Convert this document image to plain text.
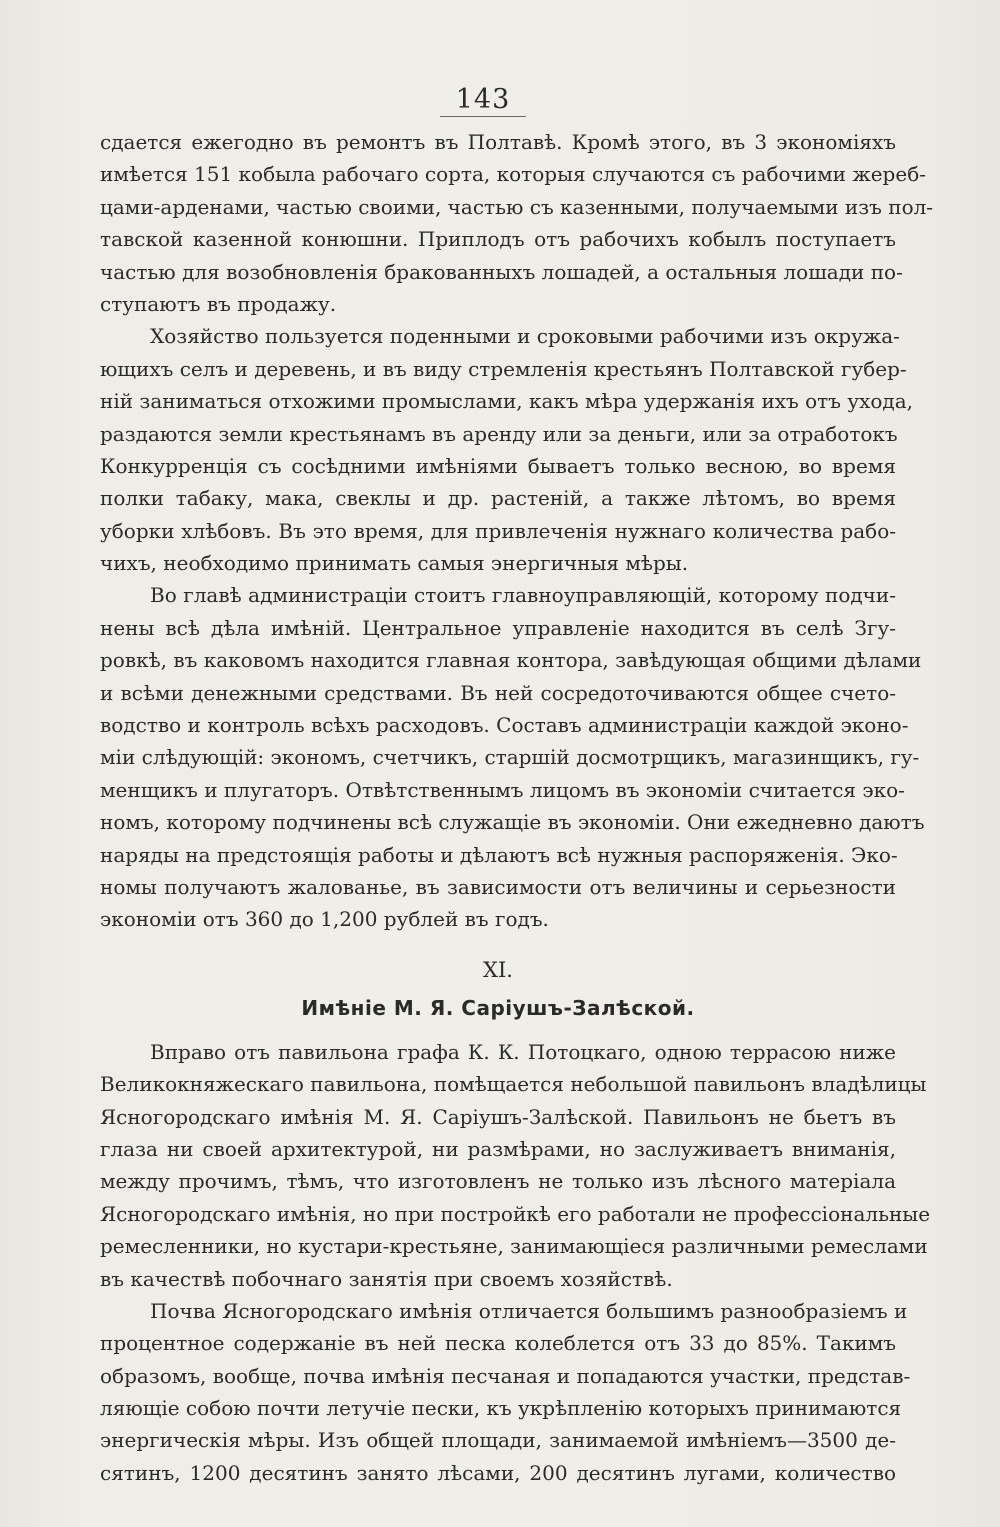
143
сдается ежегодно въ ремонтъ въ Полтавѣ. Кромѣ этого, въ 3 экономіяхъ
имѣется 151 кобыла рабочаго сорта, которыя случаются съ рабочими жереб-
цами-арденами, частью своими, частью съ казенными, получаемыми изъ пол-
тавской казенной конюшни. Приплодъ отъ рабочихъ кобылъ поступаетъ
частью для возобновленія бракованныхъ лошадей, а остальныя лошади по-
ступаютъ въ продажу.
Хозяйство пользуется поденными и сроковыми рабочими изъ окружа-
ющихъ селъ и деревень, и въ виду стремленія крестьянъ Полтавской губер-
ній заниматься отхожими промыслами, какъ мѣра удержанія ихъ отъ ухода,
раздаются земли крестьянамъ въ аренду или за деньги, или за отработокъ
Конкурренція съ сосѣдними имѣніями бываетъ только весною, во время
полки табаку, мака, свеклы и др. растеній, а также лѣтомъ, во время
уборки хлѣбовъ. Въ это время, для привлеченія нужнаго количества рабо-
чихъ, необходимо принимать самыя энергичныя мѣры.
Во главѣ администраціи стоитъ главноуправляющій, которому подчи-
нены всѣ дѣла имѣній. Центральное управленіе находится въ селѣ Згу-
ровкѣ, въ каковомъ находится главная контора, завѣдующая общими дѣлами
и всѣми денежными средствами. Въ ней сосредоточиваются общее счето-
водство и контроль всѣхъ расходовъ. Составъ администраціи каждой эконо-
міи слѣдующій: экономъ, счетчикъ, старшій досмотрщикъ, магазинщикъ, гу-
менщикъ и плугаторъ. Отвѣтственнымъ лицомъ въ экономіи считается эко-
номъ, которому подчинены всѣ служащіе въ экономіи. Они ежедневно даютъ
наряды на предстоящія работы и дѣлаютъ всѣ нужныя распоряженія. Эко-
номы получаютъ жалованье, въ зависимости отъ величины и серьезности
экономіи отъ 360 до 1,200 рублей въ годъ.
XI.
Имѣніе М. Я. Саріушъ-Залѣской.
Вправо отъ павильона графа К. К. Потоцкаго, одною террасою ниже
Великокняжескаго павильона, помѣщается небольшой павильонъ владѣлицы
Ясногородскаго имѣнія М. Я. Саріушъ-Залѣской. Павильонъ не бьетъ въ
глаза ни своей архитектурой, ни размѣрами, но заслуживаетъ вниманія,
между прочимъ, тѣмъ, что изготовленъ не только изъ лѣсного матеріала
Ясногородскаго имѣнія, но при постройкѣ его работали не профессіональные
ремесленники, но кустари-крестьяне, занимающіеся различными ремеслами
въ качествѣ побочнаго занятія при своемъ хозяйствѣ.
Почва Ясногородскаго имѣнія отличается большимъ разнообразіемъ и
процентное содержаніе въ ней песка колеблется отъ 33 до 85%. Такимъ
образомъ, вообще, почва имѣнія песчаная и попадаются участки, представ-
ляющіе собою почти летучіе пески, къ укрѣпленію которыхъ принимаются
энергическія мѣры. Изъ общей площади, занимаемой имѣніемъ—3500 де-
сятинъ, 1200 десятинъ занято лѣсами, 200 десятинъ лугами, количество
